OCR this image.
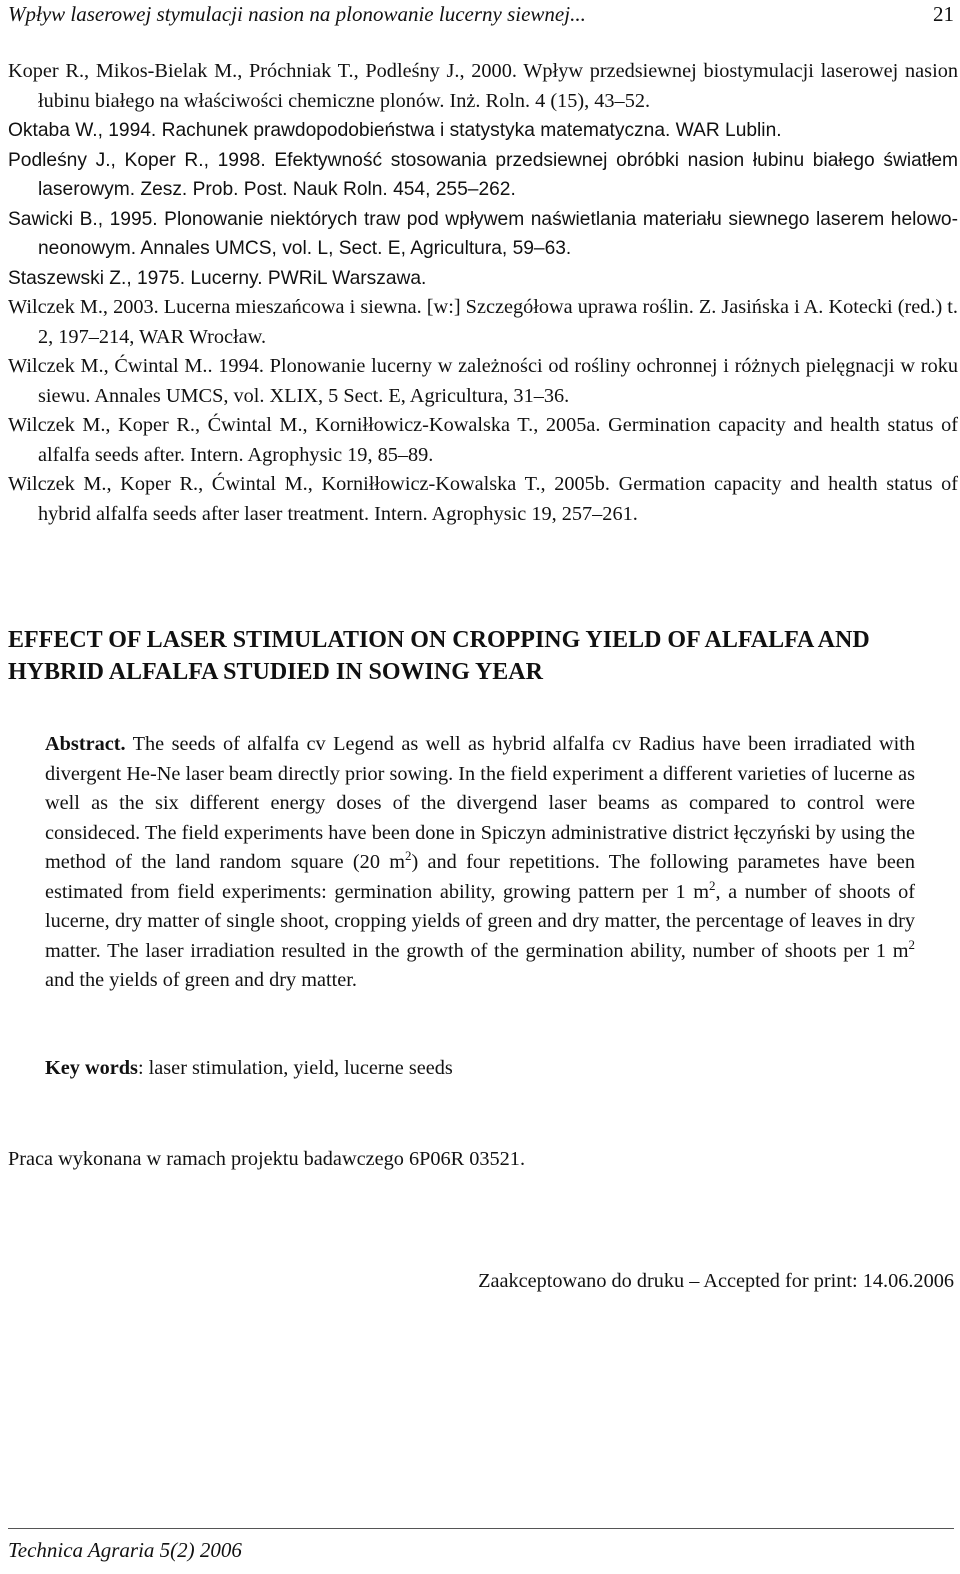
Wpływ laserowej stymulacji nasion na plonowanie lucerny siewnej...	21

Koper R., Mikos-Bielak M., Próchniak T., Podleśny J., 2000. Wpływ przedsiewnej biostymulacji laserowej nasion łubinu białego na właściwości chemiczne plonów. Inż. Roln. 4 (15), 43–52.

Oktaba W., 1994. Rachunek prawdopodobieństwa i statystyka matematyczna. WAR Lublin.

Podleśny J., Koper R., 1998. Efektywność stosowania przedsiewnej obróbki nasion łubinu białego światłem laserowym. Zesz. Prob. Post. Nauk Roln. 454, 255–262.

Sawicki B., 1995. Plonowanie niektórych traw pod wpływem naświetlania materiału siewnego laserem helowo-neonowym. Annales UMCS, vol. L, Sect. E, Agricultura, 59–63.

Staszewski Z., 1975. Lucerny. PWRiL Warszawa.

Wilczek M., 2003. Lucerna mieszańcowa i siewna. [w:] Szczegółowa uprawa roślin. Z. Jasińska i A. Kotecki (red.) t. 2, 197–214, WAR Wrocław.

Wilczek M., Ćwintal M.. 1994. Plonowanie lucerny w zależności od rośliny ochronnej i różnych pielęgnacji w roku siewu. Annales UMCS, vol. XLIX, 5 Sect. E, Agricultura, 31–36.

Wilczek M., Koper R., Ćwintal M., Korniłłowicz-Kowalska T., 2005a. Germination capacity and health status of alfalfa seeds after. Intern. Agrophysic 19, 85–89.

Wilczek M., Koper R., Ćwintal M., Korniłłowicz-Kowalska T., 2005b. Germation capacity and health status of hybrid alfalfa seeds after laser treatment. Intern. Agrophysic 19, 257–261.

EFFECT OF LASER STIMULATION ON CROPPING YIELD OF ALFALFA AND HYBRID ALFALFA STUDIED IN SOWING YEAR

Abstract. The seeds of alfalfa cv Legend as well as hybrid alfalfa cv Radius have been irradiated with divergent He-Ne laser beam directly prior sowing. In the field experiment a different varieties of lucerne as well as the six different energy doses of the divergend laser beams as compared to control were consideced. The field experiments have been done in Spiczyn administrative district łęczyński by using the method of the land random square (20 $m^2$) and four repetitions. The following parametes have been estimated from field experiments: germination ability, growing pattern per 1 $m^2$, a number of shoots of lucerne, dry matter of single shoot, cropping yields of green and dry matter, the percentage of leaves in dry matter. The laser irradiation resulted in the growth of the germination ability, number of shoots per 1 $m^2$ and the yields of green and dry matter.

Key words: laser stimulation, yield, lucerne seeds

Praca wykonana w ramach projektu badawczego 6P06R 03521.

Zaakceptowano do druku – Accepted for print: 14.06.2006
Technica Agraria 5(2) 2006
